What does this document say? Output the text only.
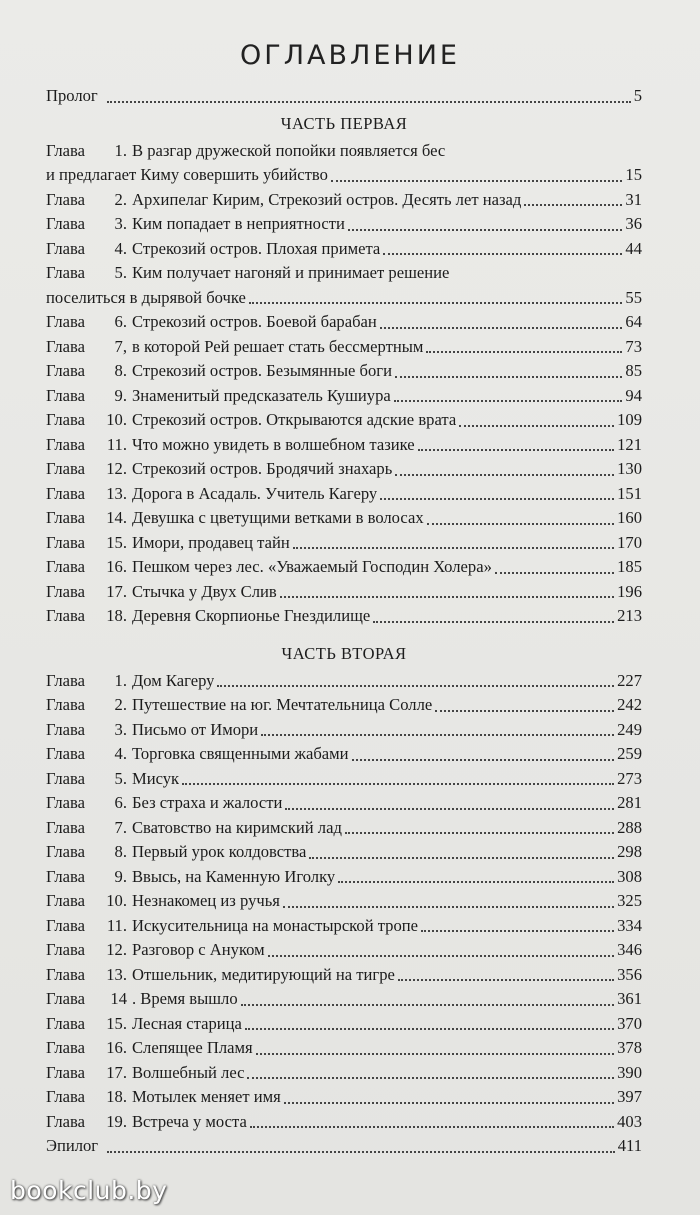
ОГЛАВЛЕНИЕ
Пролог	5
ЧАСТЬ ПЕРВАЯ
Глава 1. В разгар дружеской попойки появляется бес
и предлагает Киму совершить убийство	15
Глава	2. Архипелаг Кирим, Стрекозий остров. Десять лет назад	31
Глава	3. Ким попадает в неприятности	36
Глава	4. Стрекозий остров. Плохая примета	44
Глава 5. Ким получает нагоняй и принимает решение
поселиться в дырявой бочке	55
Глава	6. Стрекозий остров. Боевой барабан	64
Глава	7, в которой Рей решает стать бессмертным	73
Глава	8. Стрекозий остров. Безымянные боги	85
Глава	9. Знаменитый предсказатель Кушиура	94
Глава	10. Стрекозий остров. Открываются адские врата	109
Глава	11. Что можно увидеть в волшебном тазике	121
Глава	12. Стрекозий остров. Бродячий знахарь	130
Глава	13. Дорога в Асадаль. Учитель Кагеру	151
Глава	14. Девушка с цветущими ветками в волосах	160
Глава	15. Имори, продавец тайн	170
Глава	16. Пешком через лес. «Уважаемый Господин Холера»	185
Глава	17. Стычка у Двух Слив	196
Глава	18. Деревня Скорпионье Гнездилище	213
ЧАСТЬ ВТОРАЯ
Глава	1. Дом Кагеру	227
Глава	2. Путешествие на юг. Мечтательница Солле	242
Глава	3. Письмо от Имори	249
Глава	4. Торговка священными жабами	259
Глава	5. Мисук	273
Глава	6. Без страха и жалости	281
Глава	7. Сватовство на киримский лад	288
Глава	8. Первый урок колдовства	298
Глава	9. Ввысь, на Каменную Иголку	308
Глава	10. Незнакомец из ручья	325
Глава	11. Искусительница на монастырской тропе	334
Глава	12. Разговор с Ануком	346
Глава	13. Отшельник, медитирующий на тигре	356
Глава	14 . Время вышло	361
Глава	15. Лесная старица	370
Глава	16. Слепящее Пламя	378
Глава	17. Волшебный лес	390
Глава	18. Мотылек меняет имя	397
Глава	19. Встреча у моста	403
Эпилог	411
bookclub.by
